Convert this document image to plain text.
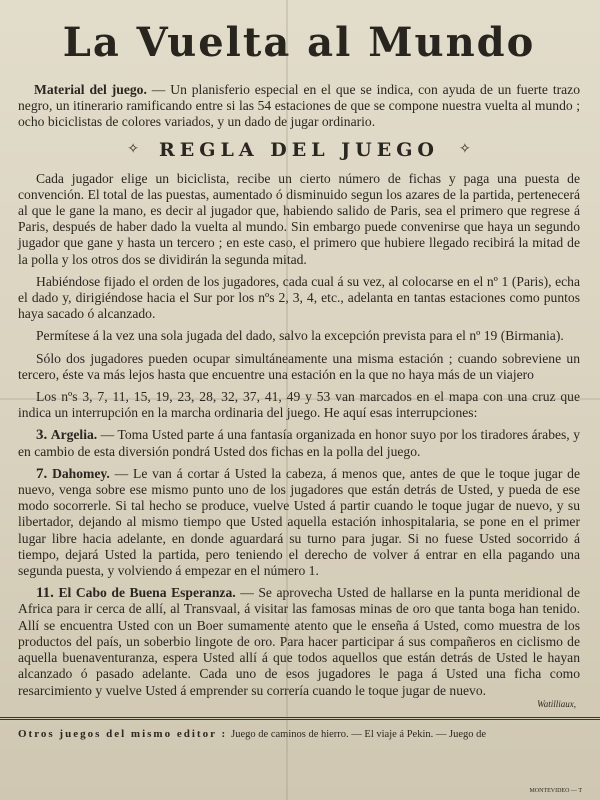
La Vuelta al Mundo

Material del juego. — Un planisferio especial en el que se indica, con ayuda de un fuerte trazo negro, un itinerario ramificando entre si las 54 estaciones de que se compone nuestra vuelta al mundo ; ocho biciclistas de colores variados, y un dado de jugar ordinario.

✧ REGLA DEL JUEGO ✧

Cada jugador elige un biciclista, recibe un cierto número de fichas y paga una puesta de convención. El total de las puestas, aumentado ó disminuido segun los azares de la partida, pertenecerá al que le gane la mano, es decir al jugador que, habiendo salido de Paris, sea el primero que regrese á Paris, después de haber dado la vuelta al mundo. Sin embargo puede convenirse que haya un segundo jugador que gane y hasta un tercero ; en este caso, el primero que hubiere llegado recibirá la mitad de la polla y los otros dos se dividirán la segunda mitad.

Habiéndose fijado el orden de los jugadores, cada cual á su vez, al colocarse en el nº 1 (Paris), echa el dado y, dirigiéndose hacia el Sur por los nºs 2, 3, 4, etc., adelanta en tantas estaciones como puntos haya sacado ó alcanzado.

Permítese á la vez una sola jugada del dado, salvo la excepción prevista para el nº 19 (Birmania).

Sólo dos jugadores pueden ocupar simultáneamente una misma estación ; cuando sobreviene un tercero, éste va más lejos hasta que encuentre una estación en la que no haya más de un viajero

Los nºs 3, 7, 11, 15, 19, 23, 28, 32, 37, 41, 49 y 53 van marcados en el mapa con una cruz que indica un interrupción en la marcha ordinaria del juego. He aquí esas interrupciones:

3. Argelia. — Toma Usted parte á una fantasía organizada en honor suyo por los tiradores árabes, y en cambio de esta diversión pondrá Usted dos fichas en la polla del juego.

7. Dahomey. — Le van á cortar á Usted la cabeza, á menos que, antes de que le toque jugar de nuevo, venga sobre ese mismo punto uno de los jugadores que están detrás de Usted, y pueda de ese modo socorrerle. Si tal hecho se produce, vuelve Usted á partir cuando le toque jugar de nuevo, y su libertador, dejando al mismo tiempo que Usted aquella estación inhospitalaria, se pone en el primer lugar libre hacia adelante, en donde aguardará su turno para jugar. Si no fuese Usted socorrido á tiempo, dejará Usted la partida, pero teniendo el derecho de volver á entrar en ella pagando una segunda puesta, y volviendo á empezar en el número 1.

11. El Cabo de Buena Esperanza. — Se aprovecha Usted de hallarse en la punta meridional de Africa para ir cerca de allí, al Transvaal, á visitar las famosas minas de oro que tanta boga han tenido. Allí se encuentra Usted con un Boer sumamente atento que le enseña á Usted, como muestra de los productos del país, un soberbio lingote de oro. Para hacer participar á sus compañeros en ciclismo de aquella buenaventuranza, espera Usted allí á que todos aquellos que están detrás de Usted le hayan alcanzado ó pasado adelante. Cada uno de esos jugadores le paga á Usted una ficha como resarcimiento y vuelve Usted á emprender su correría cuando le toque jugar de nuevo.

Watilliaux,
Otros juegos del mismo editor : Juego de caminos de hierro. — El viaje á Pekin. — Juego de
MONTEVIDEO — T
